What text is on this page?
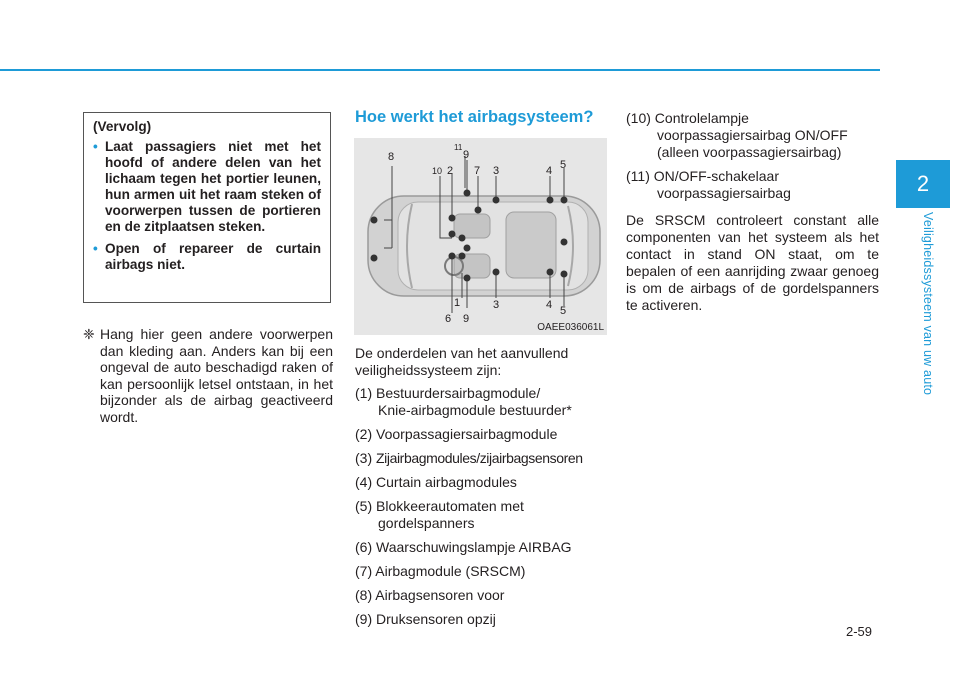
2
Veiligheidssysteem van uw auto
(Vervolg)
• Laat passagiers niet met het hoofd of andere delen van het lichaam tegen het portier leunen, hun armen uit het raam steken of voorwerpen tussen de portieren en de zitplaatsen steken.
• Open of repareer de curtain airbags niet.
❈ Hang hier geen andere voorwerpen dan kleding aan. Anders kan bij een ongeval de auto beschadigd raken of kan persoonlijk letsel ontstaan, in het bijzonder als de airbag geactiveerd wordt.
Hoe werkt het airbagsysteem?
8
10 2
11
9
7 3	4 5
1	3	4 5
6 9
OAEE036061L

De onderdelen van het aanvullend veiligheidssysteem zijn:

(1) Bestuurdersairbagmodule/
Knie-airbagmodule bestuurder*
(2) Voorpassagiersairbagmodule
(3) Zijairbagmodules/zijairbagsensoren
(4) Curtain airbagmodules
(5) Blokkeerautomaten met
gordelspanners
(6) Waarschuwingslampje AIRBAG
(7) Airbagmodule (SRSCM)
(8) Airbagsensoren voor
(9) Druksensoren opzij
(10) Controlelampje
voorpassagiersairbag ON/OFF
(alleen voorpassagiersairbag)
(11) ON/OFF-schakelaar
voorpassagiersairbag

De SRSCM controleert constant alle componenten van het systeem als het contact in stand ON staat, om te bepalen of een aanrijding zwaar genoeg is om de airbags of de gordelspanners te activeren.

2-59
